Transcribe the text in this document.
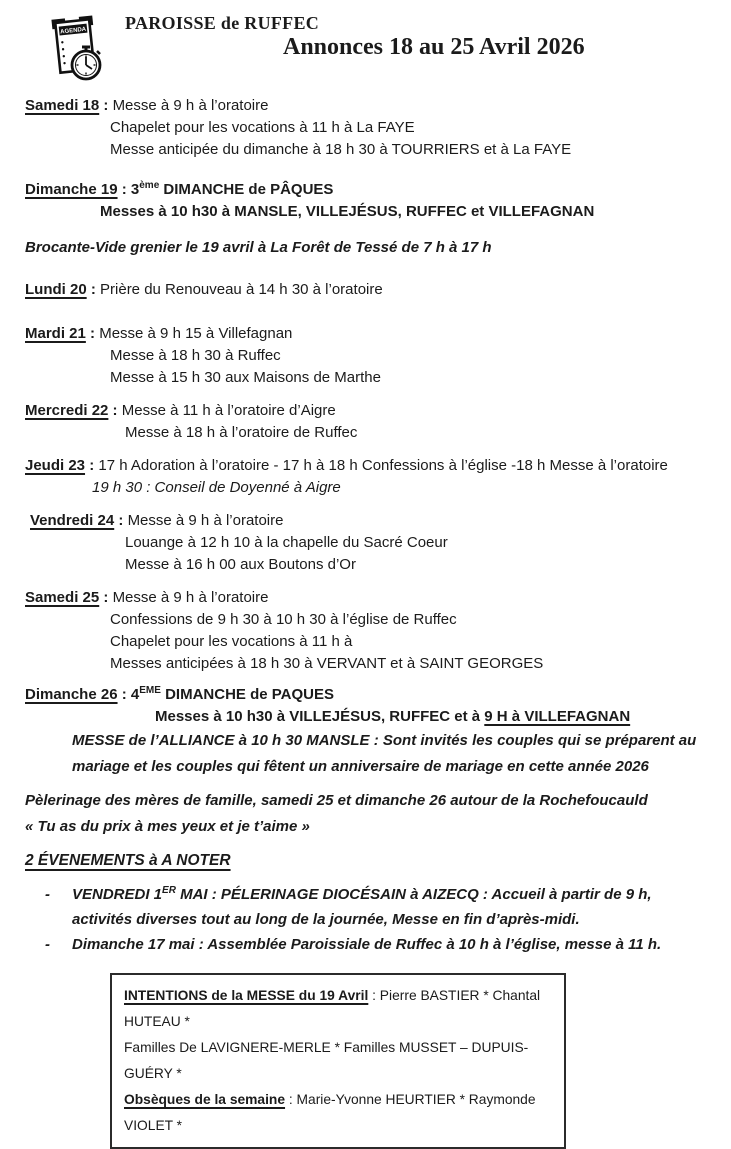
AGENDA PAROISSE de RUFFEC
Annonces 18 au 25 Avril 2026
Samedi 18 : Messe à 9 h à l’oratoire
Chapelet pour les vocations à 11 h à La FAYE
Messe anticipée du dimanche à 18 h 30 à TOURRIERS et à La FAYE
Dimanche 19 : 3ème DIMANCHE de PÂQUES
Messes à 10 h30 à MANSLE, VILLEJÉSUS, RUFFEC et VILLEFAGNAN
Brocante-Vide grenier le 19 avril à La Forêt de Tessé de 7 h à 17 h
Lundi 20 : Prière du Renouveau à 14 h 30 à l’oratoire
Mardi 21 : Messe à 9 h 15 à Villefagnan
Messe à 18 h 30 à Ruffec
Messe à 15 h 30 aux Maisons de Marthe
Mercredi 22 : Messe à 11 h à l’oratoire d’Aigre
Messe à 18 h à l’oratoire de Ruffec
Jeudi 23 : 17 h Adoration à l’oratoire - 17 h à 18 h Confessions à l’église -18 h Messe à l’oratoire
19 h 30 : Conseil de Doyenné à Aigre
Vendredi 24 : Messe à 9 h à l’oratoire
Louange à 12 h 10 à la chapelle du Sacré Coeur
Messe à 16 h 00 aux Boutons d’Or
Samedi 25 : Messe à 9 h à l’oratoire
Confessions de 9 h 30 à 10 h 30 à l’église de Ruffec
Chapelet pour les vocations à 11 h à
Messes anticipées à 18 h 30 à VERVANT et à SAINT GEORGES
Dimanche 26 : 4EME DIMANCHE de PAQUES
Messes à 10 h30 à VILLEJÉSUS, RUFFEC et à 9 H à VILLEFAGNAN
MESSE de l’ALLIANCE à 10 h 30 MANSLE : Sont invités les couples qui se préparent au
mariage et les couples qui fêtent un anniversaire de mariage en cette année 2026
Pèlerinage des mères de famille, samedi 25 et dimanche 26 autour de la Rochefoucauld
« Tu as du prix à mes yeux et je t’aime »
2 ÉVENEMENTS à A NOTER
-	VENDREDI 1ER MAI : PÉLERINAGE DIOCÉSAIN à AIZECQ : Accueil à partir de 9 h,
activités diverses tout au long de la journée, Messe en fin d’après-midi.
-	Dimanche 17 mai : Assemblée Paroissiale de Ruffec à 10 h à l’église, messe à 11 h.
INTENTIONS de la MESSE du 19 Avril : Pierre BASTIER * Chantal HUTEAU *
Familles De LAVIGNERE-MERLE * Familles MUSSET – DUPUIS- GUÉRY *
Obsèques de la semaine : Marie-Yvonne HEURTIER * Raymonde VIOLET *
